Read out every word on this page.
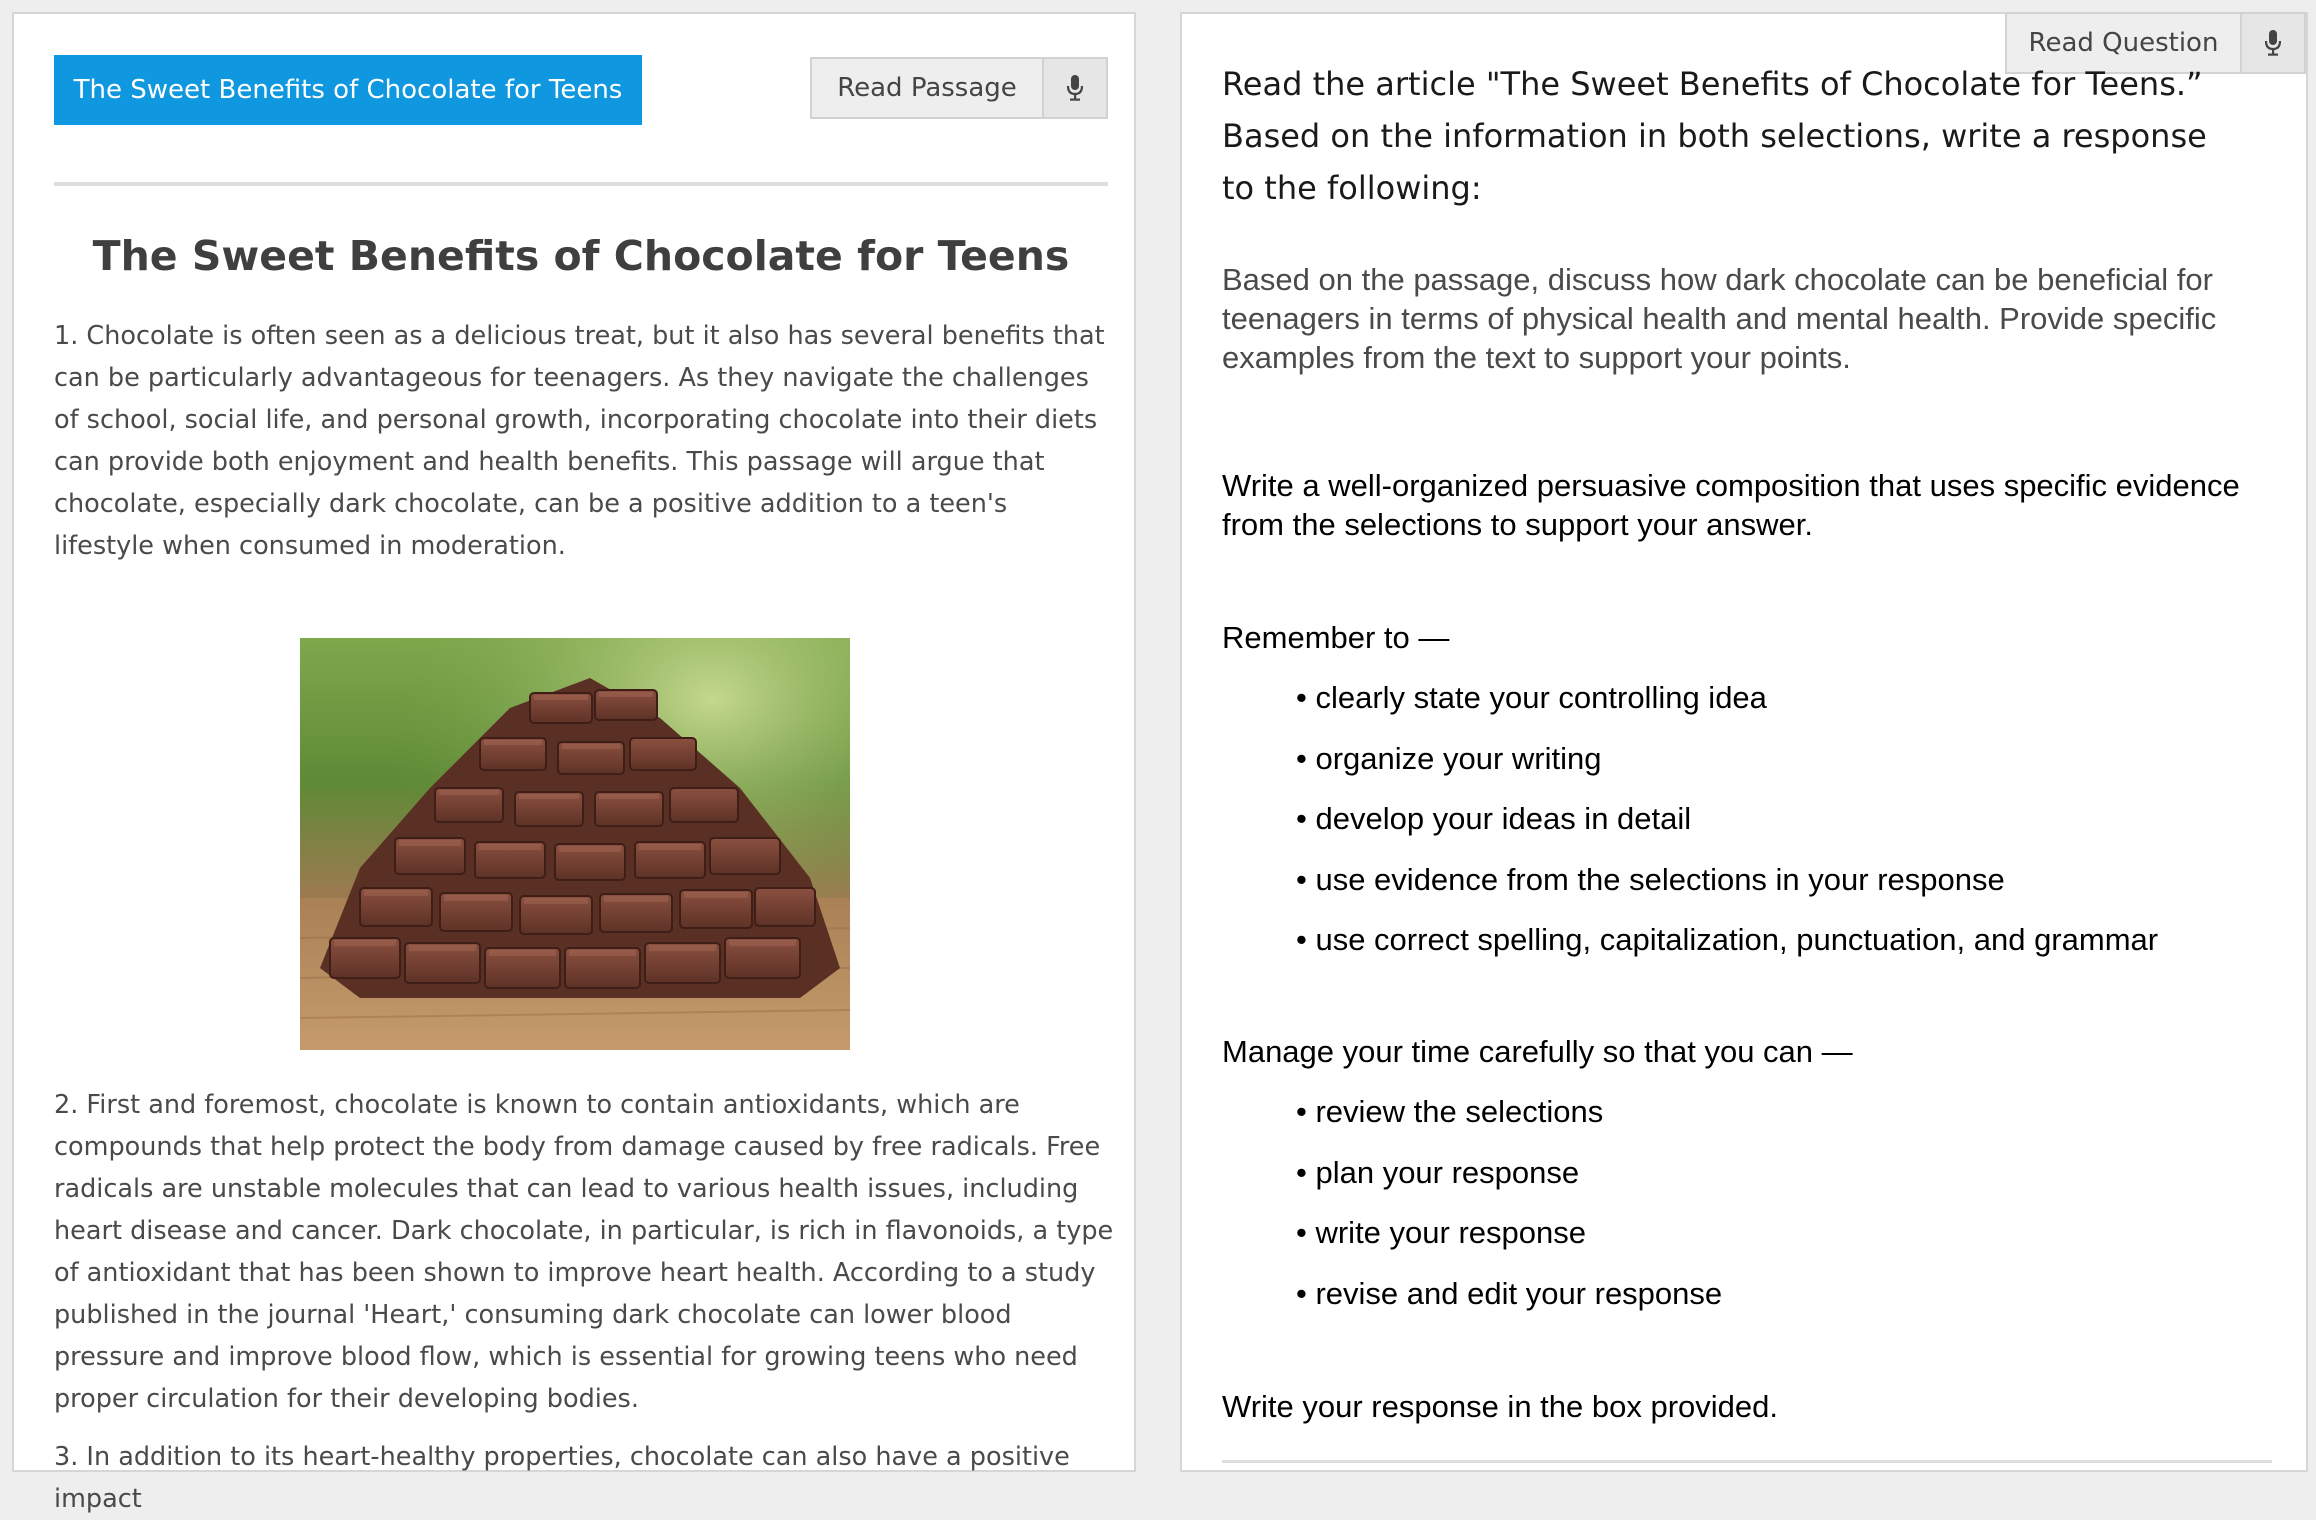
The Sweet Benefits of Chocolate for Teens	Read Passage
The Sweet Benefits of Chocolate for Teens

1. Chocolate is often seen as a delicious treat, but it also has several benefits that can be particularly advantageous for teenagers. As they navigate the challenges of school, social life, and personal growth, incorporating chocolate into their diets can provide both enjoyment and health benefits. This passage will argue that chocolate, especially dark chocolate, can be a positive addition to a teen's lifestyle when consumed in moderation.

2. First and foremost, chocolate is known to contain antioxidants, which are compounds that help protect the body from damage caused by free radicals. Free radicals are unstable molecules that can lead to various health issues, including heart disease and cancer. Dark chocolate, in particular, is rich in flavonoids, a type of antioxidant that has been shown to improve heart health. According to a study published in the journal 'Heart,' consuming dark chocolate can lower blood pressure and improve blood flow, which is essential for growing teens who need proper circulation for their developing bodies.

3. In addition to its heart-healthy properties, chocolate can also have a positive impact

Read Question

Read the article "The Sweet Benefits of Chocolate for Teens.” Based on the information in both selections, write a response to the following:

Based on the passage, discuss how dark chocolate can be beneficial for teenagers in terms of physical health and mental health. Provide specific examples from the text to support your points.

Write a well-organized persuasive composition that uses specific evidence from the selections to support your answer.

Remember to —

• clearly state your controlling idea
• organize your writing
• develop your ideas in detail
• use evidence from the selections in your response
• use correct spelling, capitalization, punctuation, and grammar

Manage your time carefully so that you can —

• review the selections
• plan your response
• write your response
• revise and edit your response

Write your response in the box provided.
